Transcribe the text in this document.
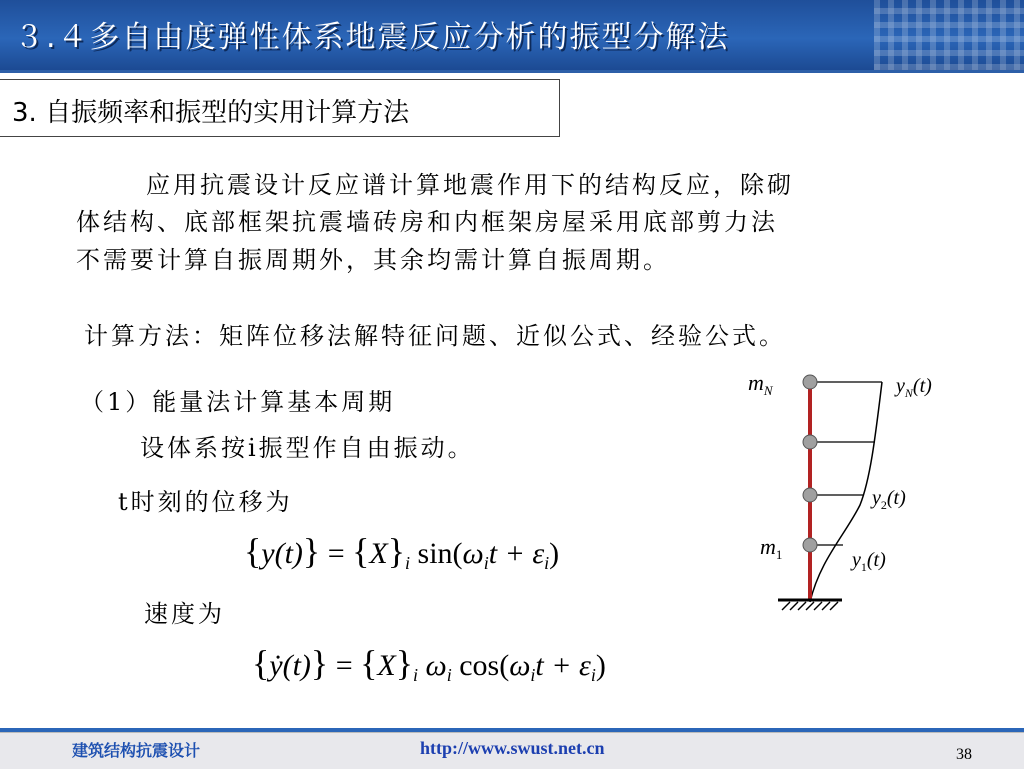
３.４多自由度弹性体系地震反应分析的振型分解法
3. 自振频率和振型的实用计算方法
应用抗震设计反应谱计算地震作用下的结构反应，除砌
体结构、底部框架抗震墙砖房和内框架房屋采用底部剪力法
不需要计算自振周期外，其余均需计算自振周期。
计算方法：矩阵位移法解特征问题、近似公式、经验公式。
（1）能量法计算基本周期
设体系按i振型作自由振动。
t时刻的位移为
$\{y(t)\} = \{X\}_i$ $\sin(\omega_it + \varepsilon_i)$
速度为
{ẏ(t)} = $\{X\}_i$ $\omega_i$ $\cos(\omega_it + \varepsilon_i)$
$m_N$
$m_1$
$y_N(t)$
$y_2(t)$
$y_1(t)$
建筑结构抗震设计	http://www.swust.net.cn	38
